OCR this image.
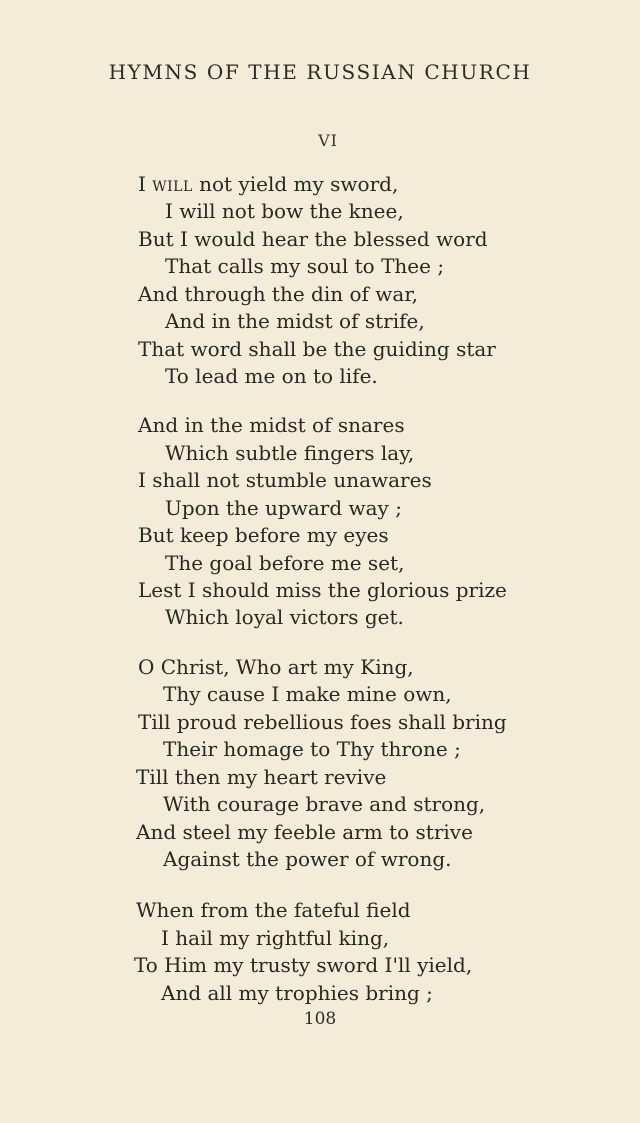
HYMNS OF THE RUSSIAN CHURCH
VI
I will not yield my sword,
I will not bow the knee,
But I would hear the blessed word
That calls my soul to Thee ;
And through the din of war,
And in the midst of strife,
That word shall be the guiding star
To lead me on to life.
And in the midst of snares
Which subtle fingers lay,
I shall not stumble unawares
Upon the upward way ;
But keep before my eyes
The goal before me set,
Lest I should miss the glorious prize
Which loyal victors get.
O Christ, Who art my King,
Thy cause I make mine own,
Till proud rebellious foes shall bring
Their homage to Thy throne ;
Till then my heart revive
With courage brave and strong,
And steel my feeble arm to strive
Against the power of wrong.
When from the fateful field
I hail my rightful king,
To Him my trusty sword I'll yield,
And all my trophies bring ;
108
